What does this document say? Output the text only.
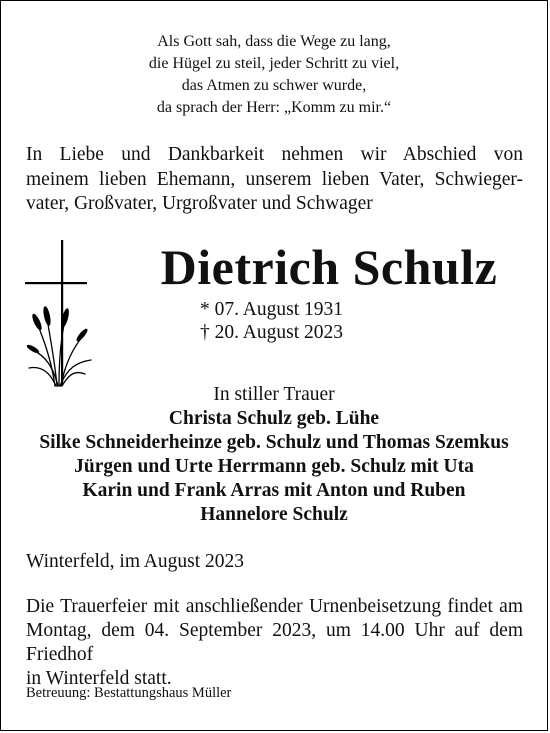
Als Gott sah, dass die Wege zu lang,
die Hügel zu steil, jeder Schritt zu viel,
das Atmen zu schwer wurde,
da sprach der Herr: „Komm zu mir.“
In Liebe und Dankbarkeit nehmen wir Abschied von
meinem lieben Ehemann, unserem lieben Vater, Schwieger-
vater, Großvater, Urgroßvater und Schwager
Dietrich Schulz
* 07. August 1931
† 20. August 2023
In stiller Trauer
Christa Schulz geb. Lühe
Silke Schneiderheinze geb. Schulz und Thomas Szemkus
Jürgen und Urte Herrmann geb. Schulz mit Uta
Karin und Frank Arras mit Anton und Ruben
Hannelore Schulz
Winterfeld, im August 2023
Die Trauerfeier mit anschließender Urnenbeisetzung findet am
Montag, dem 04. September 2023, um 14.00 Uhr auf dem Friedhof
in Winterfeld statt.
Betreuung: Bestattungshaus Müller
